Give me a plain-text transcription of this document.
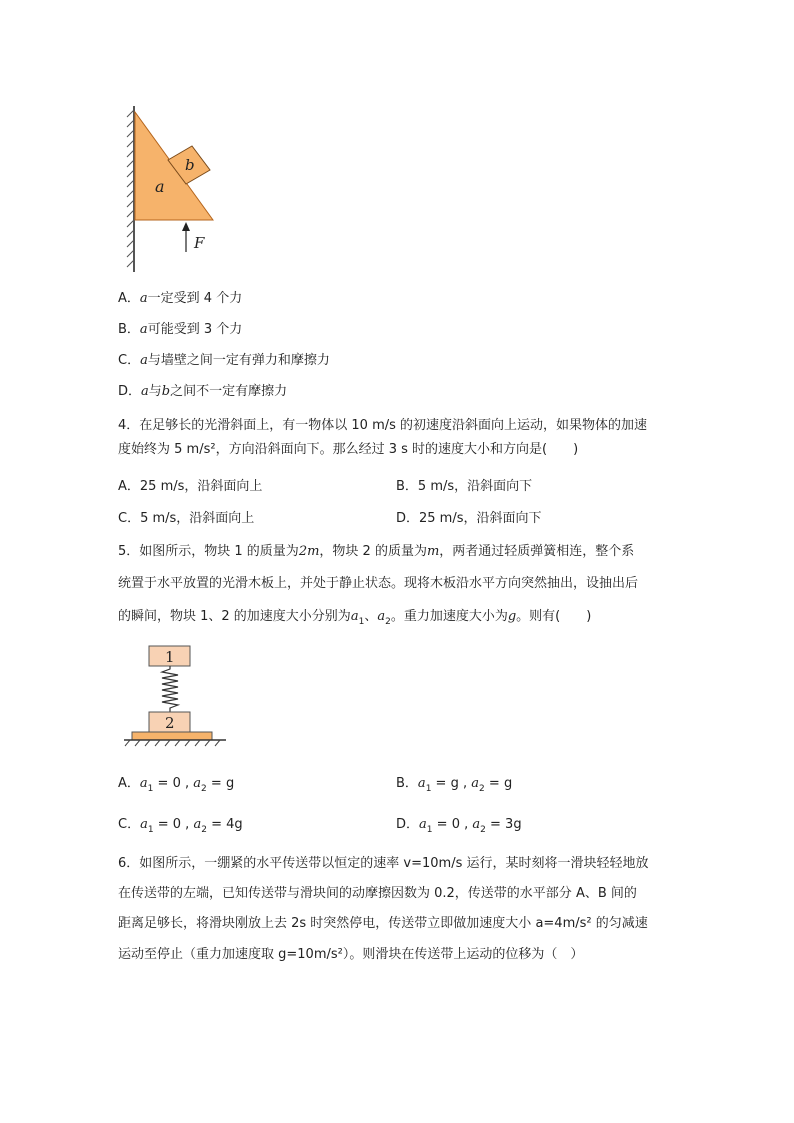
a
b
F
A．a一定受到 4 个力
B．a可能受到 3 个力
C．a与墙壁之间一定有弹力和摩擦力
D．a与b之间不一定有摩擦力
4．在足够长的光滑斜面上，有一物体以 10 m/s 的初速度沿斜面向上运动，如果物体的加速
度始终为 5 m/s²，方向沿斜面向下。那么经过 3 s 时的速度大小和方向是(　　)
A．25 m/s，沿斜面向上	B．5 m/s，沿斜面向下
C．5 m/s，沿斜面向上	D．25 m/s，沿斜面向下
5．如图所示，物块 1 的质量为2m，物块 2 的质量为m，两者通过轻质弹簧相连，整个系
统置于水平放置的光滑木板上，并处于静止状态。现将木板沿水平方向突然抽出，设抽出后
的瞬间，物块 1、2 的加速度大小分别为$a_1$、$a_2$。重力加速度大小为g。则有(　　)
1
2
A．$a_1 = 0$ , $a_2 = g$	B．$a_1 = g$ , $a_2 = g$
C．$a_1 = 0$ , $a_2 = 4g$	D．$a_1 = 0$ , $a_2 = 3g$
6．如图所示，一绷紧的水平传送带以恒定的速率 v=10m/s 运行，某时刻将一滑块轻轻地放
在传送带的左端，已知传送带与滑块间的动摩擦因数为 0.2，传送带的水平部分 A、B 间的
距离足够长，将滑块刚放上去 2s 时突然停电，传送带立即做加速度大小 a=4m/s² 的匀减速
运动至停止（重力加速度取 g=10m/s²）。则滑块在传送带上运动的位移为（　）
